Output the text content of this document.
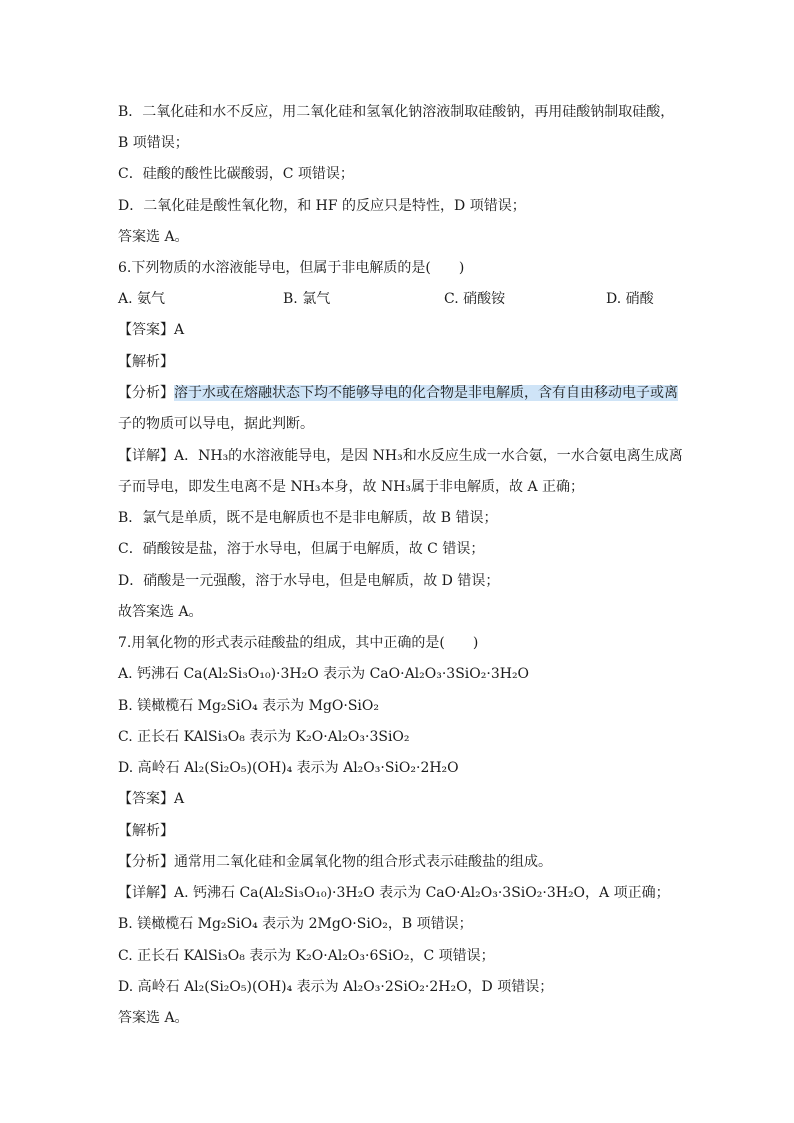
B．二氧化硅和水不反应，用二氧化硅和氢氧化钠溶液制取硅酸钠，再用硅酸钠制取硅酸，
B 项错误；
C．硅酸的酸性比碳酸弱，C 项错误；
D．二氧化硅是酸性氧化物，和 HF 的反应只是特性，D 项错误；
答案选 A。
6.下列物质的水溶液能导电，但属于非电解质的是(　　)
A. 氨气	B. 氯气	C. 硝酸铵	D. 硝酸
【答案】A
【解析】
【分析】溶于水或在熔融状态下均不能够导电的化合物是非电解质，含有自由移动电子或离
子的物质可以导电，据此判断。
【详解】A．NH₃的水溶液能导电，是因 NH₃和水反应生成一水合氨，一水合氨电离生成离
子而导电，即发生电离不是 NH₃本身，故 NH₃属于非电解质，故 A 正确；
B．氯气是单质，既不是电解质也不是非电解质，故 B 错误；
C．硝酸铵是盐，溶于水导电，但属于电解质，故 C 错误；
D．硝酸是一元强酸，溶于水导电，但是电解质，故 D 错误；
故答案选 A。
7.用氧化物的形式表示硅酸盐的组成，其中正确的是(　　)
A. 钙沸石 Ca(Al₂Si₃O₁₀)·3H₂O 表示为 CaO·Al₂O₃·3SiO₂·3H₂O
B. 镁橄榄石 Mg₂SiO₄ 表示为 MgO·SiO₂
C. 正长石 KAlSi₃O₈ 表示为 K₂O·Al₂O₃·3SiO₂
D. 高岭石 Al₂(Si₂O₅)(OH)₄ 表示为 Al₂O₃·SiO₂·2H₂O
【答案】A
【解析】
【分析】通常用二氧化硅和金属氧化物的组合形式表示硅酸盐的组成。
【详解】A. 钙沸石 Ca(Al₂Si₃O₁₀)·3H₂O 表示为 CaO·Al₂O₃·3SiO₂·3H₂O，A 项正确；
B. 镁橄榄石 Mg₂SiO₄ 表示为 2MgO·SiO₂，B 项错误；
C. 正长石 KAlSi₃O₈ 表示为 K₂O·Al₂O₃·6SiO₂，C 项错误；
D. 高岭石 Al₂(Si₂O₅)(OH)₄ 表示为 Al₂O₃·2SiO₂·2H₂O，D 项错误；
答案选 A。
